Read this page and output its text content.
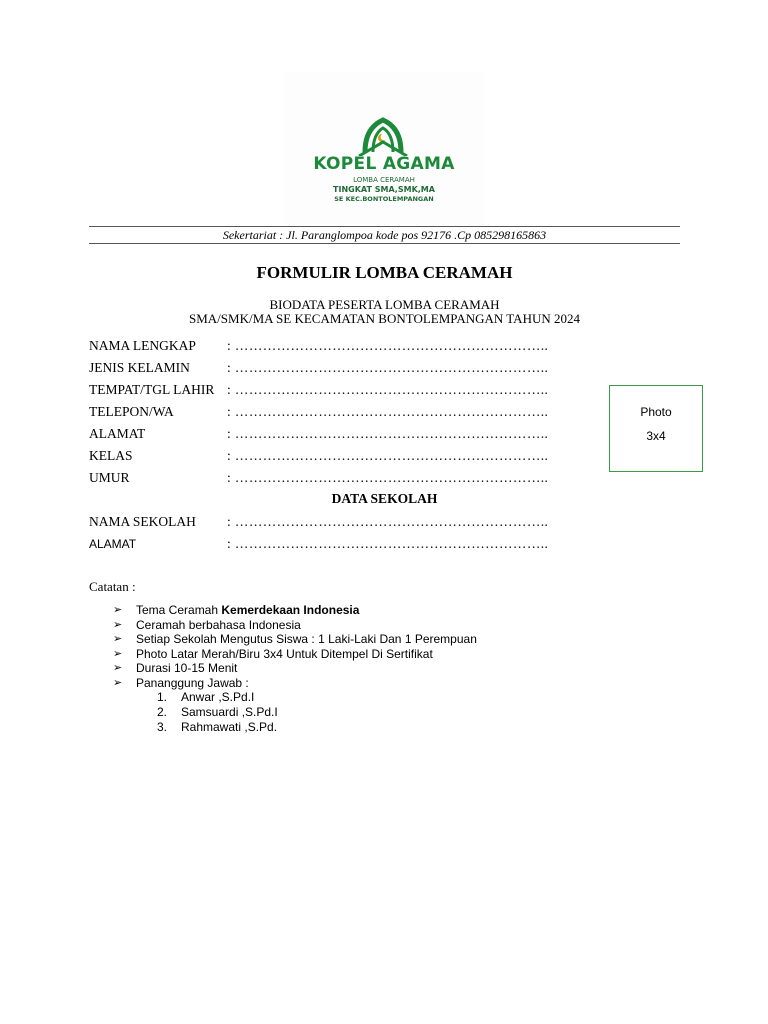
KOPEL AGAMA
LOMBA CERAMAH
TINGKAT SMA,SMK,MA
SE KEC.BONTOLEMPANGAN
Sekertariat : Jl. Paranglompoa kode pos 92176 .Cp 085298165863
FORMULIR LOMBA CERAMAH
BIODATA PESERTA LOMBA CERAMAH
SMA/SMK/MA SE KECAMATAN BONTOLEMPANGAN TAHUN 2024
NAMA LENGKAP : …………………………………………………………..
JENIS KELAMIN	: …………………………………………………………..
TEMPAT/TGL LAHIR : …………………………………………………………..
TELEPON/WA	: …………………………………………………………..
ALAMAT	: …………………………………………………………..
KELAS	: …………………………………………………………..
UMUR	: …………………………………………………………..
Photo
3x4
DATA SEKOLAH
NAMA SEKOLAH : …………………………………………………………..
ALAMAT	: …………………………………………………………..
Catatan :
➢	Tema Ceramah Kemerdekaan Indonesia
➢	Ceramah berbahasa Indonesia
➢	Setiap Sekolah Mengutus Siswa : 1 Laki-Laki Dan 1 Perempuan
➢	Photo Latar Merah/Biru 3x4 Untuk Ditempel Di Sertifikat
➢	Durasi 10-15 Menit
➢	Pananggung Jawab :
1. Anwar ,S.Pd.I
2. Samsuardi ,S.Pd.I
3. Rahmawati ,S.Pd.
